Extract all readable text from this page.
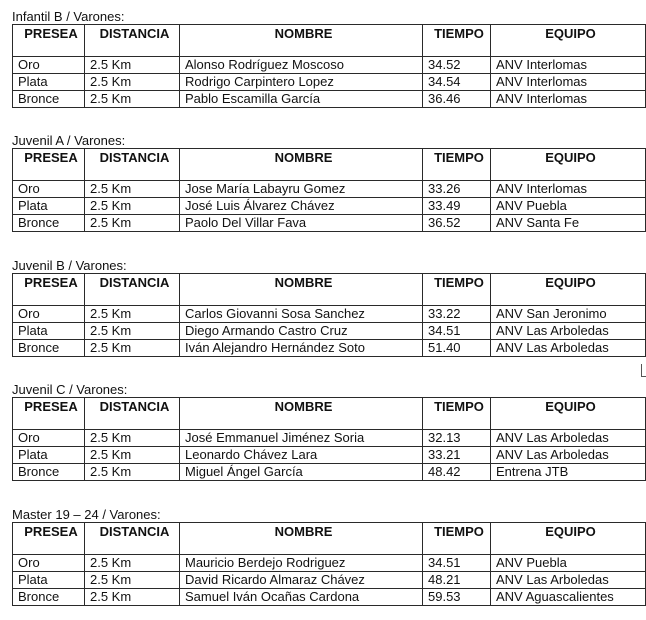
Infantil B / Varones:
PRESEA	DISTANCIA	NOMBRE	TIEMPO	EQUIPO
Oro	2.5 Km	Alonso Rodríguez Moscoso	34.52	ANV Interlomas
Plata	2.5 Km	Rodrigo Carpintero Lopez	34.54	ANV Interlomas
Bronce	2.5 Km	Pablo Escamilla García	36.46	ANV Interlomas
Juvenil A / Varones:
PRESEA	DISTANCIA	NOMBRE	TIEMPO	EQUIPO
Oro	2.5 Km	Jose María Labayru Gomez	33.26	ANV Interlomas
Plata	2.5 Km	José Luis Álvarez Chávez	33.49	ANV Puebla
Bronce	2.5 Km	Paolo Del Villar Fava	36.52	ANV Santa Fe
Juvenil B / Varones:
PRESEA	DISTANCIA	NOMBRE	TIEMPO	EQUIPO
Oro	2.5 Km	Carlos Giovanni Sosa Sanchez	33.22	ANV San Jeronimo
Plata	2.5 Km	Diego Armando Castro Cruz	34.51	ANV Las Arboledas
Bronce	2.5 Km	Iván Alejandro Hernández Soto	51.40	ANV Las Arboledas
Juvenil C / Varones:
PRESEA	DISTANCIA	NOMBRE	TIEMPO	EQUIPO
Oro	2.5 Km	José Emmanuel Jiménez Soria	32.13	ANV Las Arboledas
Plata	2.5 Km	Leonardo Chávez Lara	33.21	ANV Las Arboledas
Bronce	2.5 Km	Miguel Ángel García	48.42	Entrena JTB
Master 19 – 24 / Varones:
PRESEA	DISTANCIA	NOMBRE	TIEMPO	EQUIPO
Oro	2.5 Km	Mauricio Berdejo Rodriguez	34.51	ANV Puebla
Plata	2.5 Km	David Ricardo Almaraz Chávez	48.21	ANV Las Arboledas
Bronce	2.5 Km	Samuel Iván Ocañas Cardona	59.53	ANV Aguascalientes
